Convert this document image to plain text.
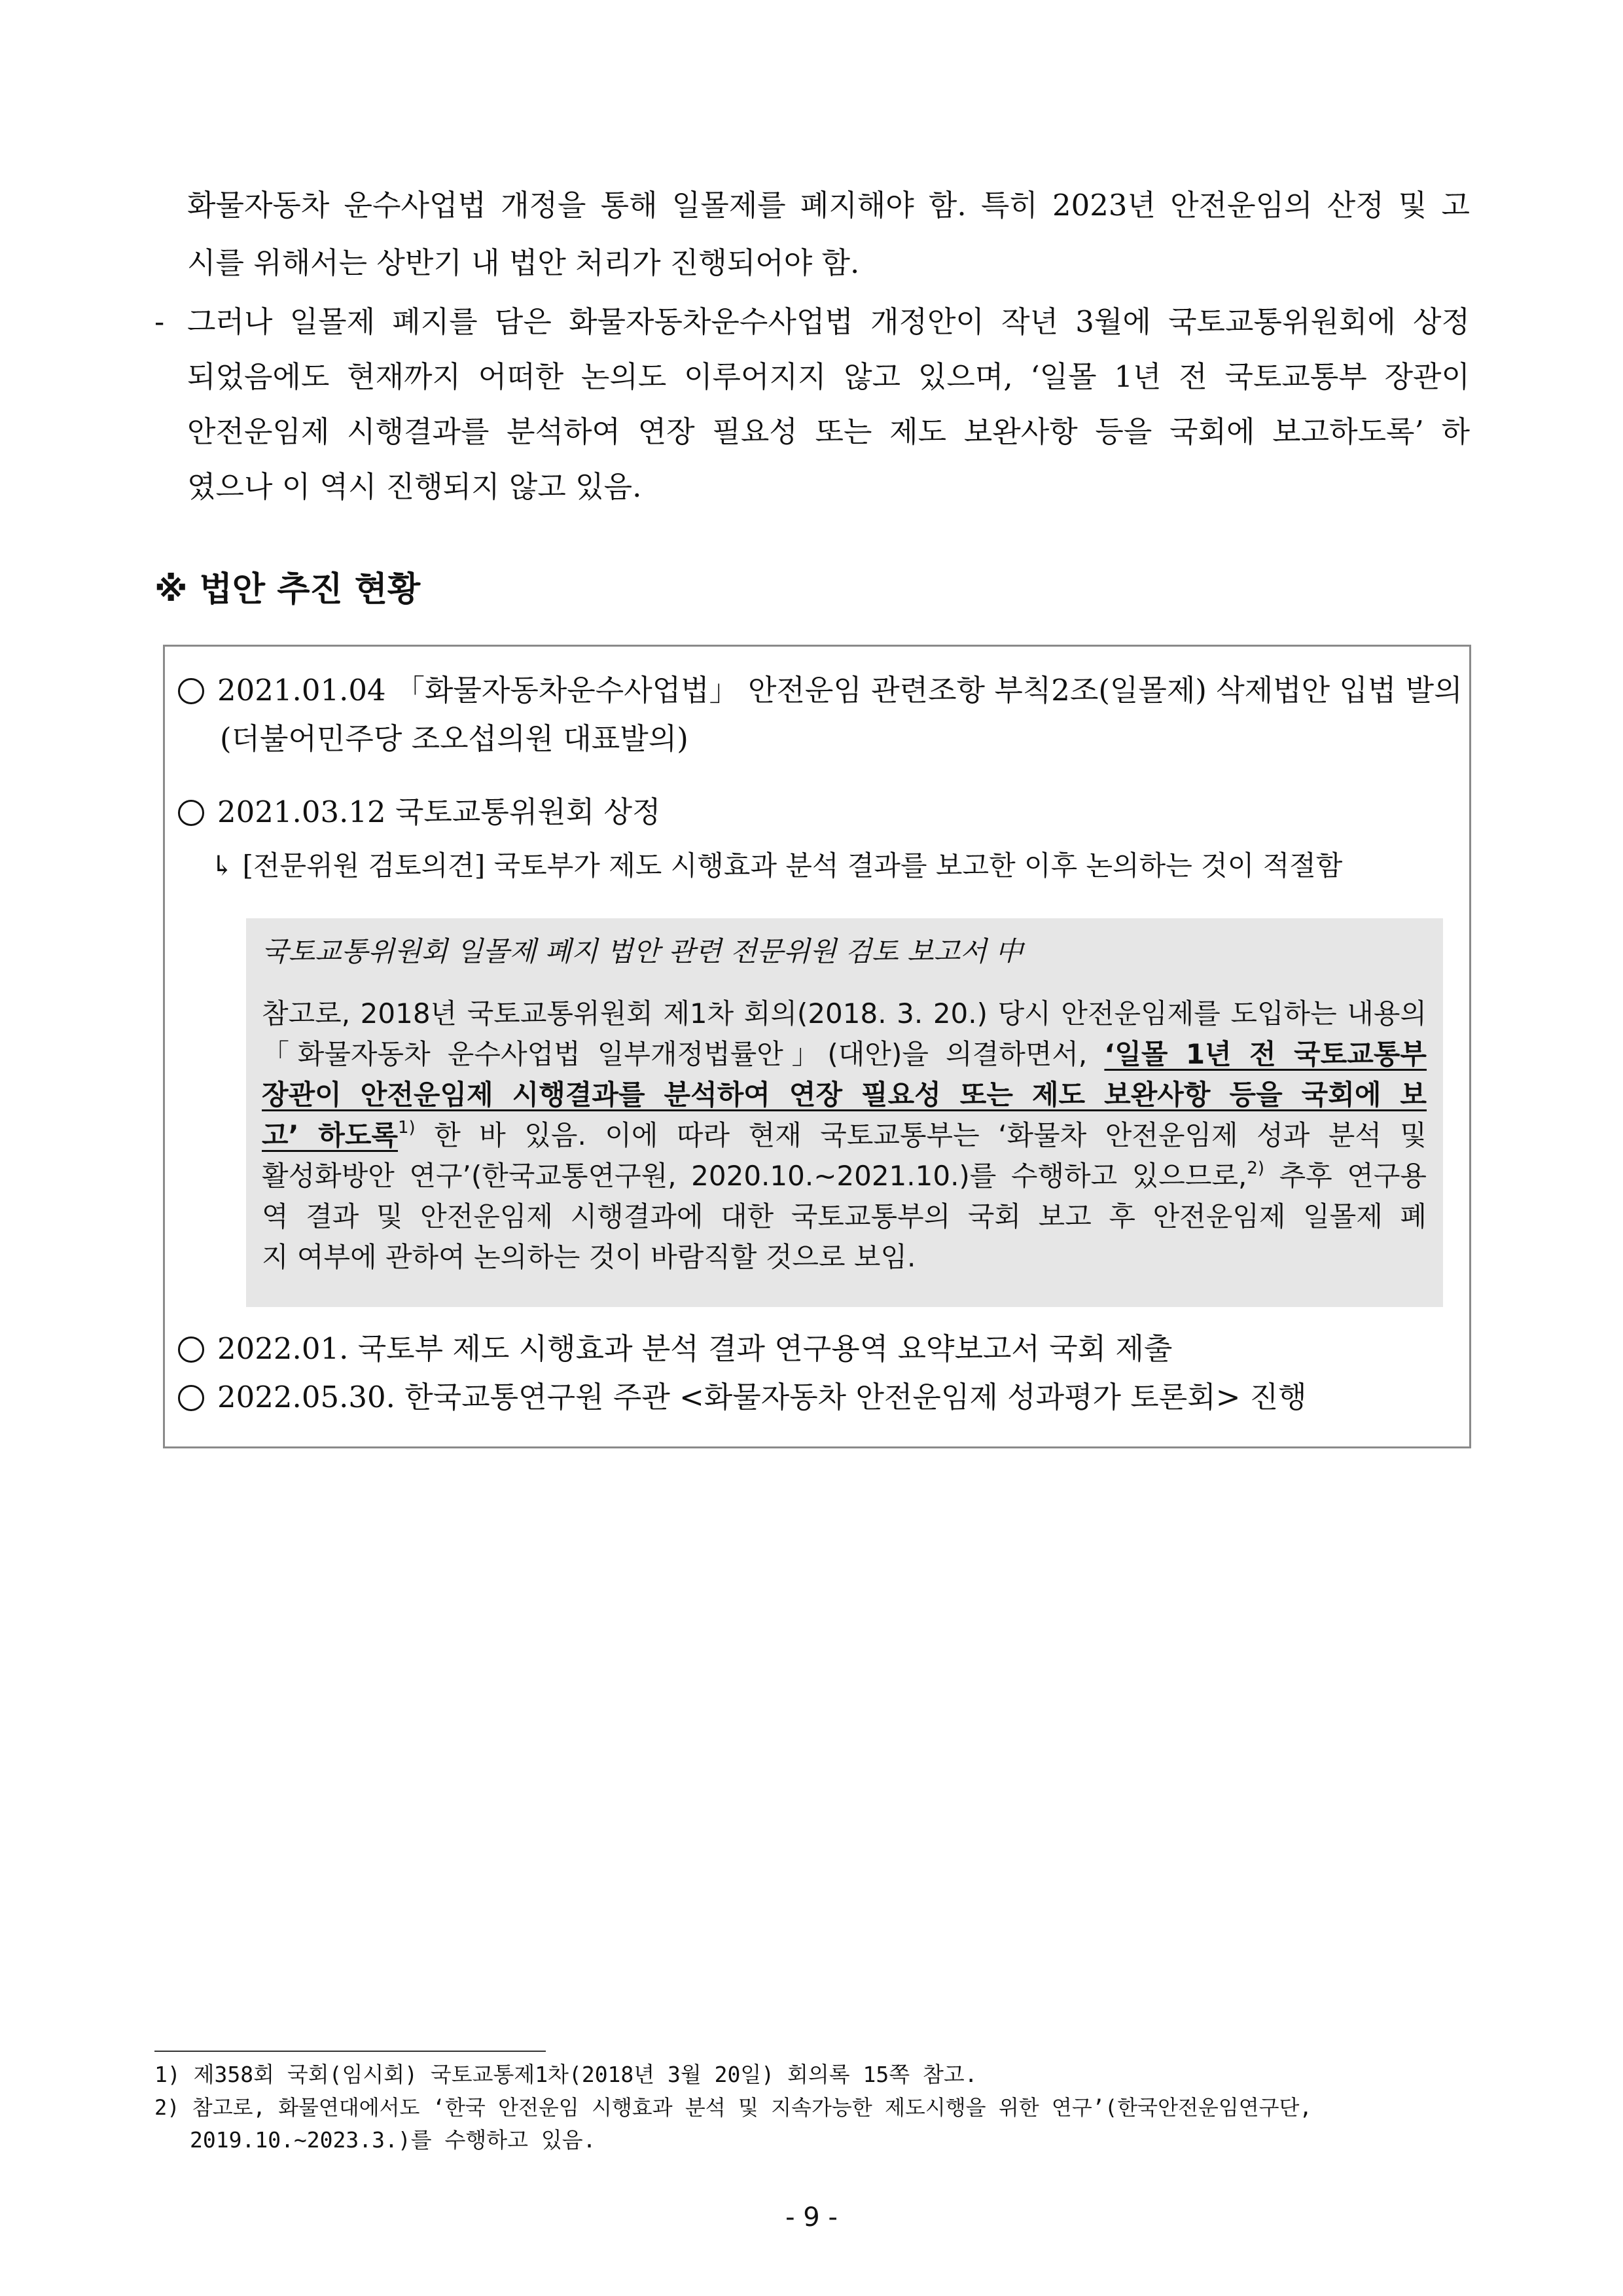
화물자동차 운수사업법 개정을 통해 일몰제를 폐지해야 함. 특히 2023년 안전운임의 산정 및 고
시를 위해서는 상반기 내 법안 처리가 진행되어야 함.
- 그러나 일몰제 폐지를 담은 화물자동차운수사업법 개정안이 작년 3월에 국토교통위원회에 상정
되었음에도 현재까지 어떠한 논의도 이루어지지 않고 있으며, ‘일몰 1년 전 국토교통부 장관이
안전운임제 시행결과를 분석하여 연장 필요성 또는 제도 보완사항 등을 국회에 보고하도록’ 하
였으나 이 역시 진행되지 않고 있음.
※ 법안 추진 현황
2021.01.04 「화물자동차운수사업법」 안전운임 관련조항 부칙2조(일몰제) 삭제법안 입법 발의
(더불어민주당 조오섭의원 대표발의)
2021.03.12 국토교통위원회 상정
↳ [전문위원 검토의견] 국토부가 제도 시행효과 분석 결과를 보고한 이후 논의하는 것이 적절함
국토교통위원회 일몰제 폐지 법안 관련 전문위원 검토 보고서 中
참고로, 2018년 국토교통위원회 제1차 회의(2018. 3. 20.) 당시 안전운임제를 도입하는 내용의
「화물자동차 운수사업법 일부개정법률안」(대안)을 의결하면서, ‘일몰 1년 전 국토교통부
장관이 안전운임제 시행결과를 분석하여 연장 필요성 또는 제도 보완사항 등을 국회에 보
고’ 하도록$^{1)}$ 한 바 있음. 이에 따라 현재 국토교통부는 ‘화물차 안전운임제 성과 분석 및
활성화방안 연구’(한국교통연구원, 2020.10.~2021.10.)를 수행하고 있으므로,$^{2)}$ 추후 연구용
역 결과 및 안전운임제 시행결과에 대한 국토교통부의 국회 보고 후 안전운임제 일몰제 폐
지 여부에 관하여 논의하는 것이 바람직할 것으로 보임.
2022.01. 국토부 제도 시행효과 분석 결과 연구용역 요약보고서 국회 제출
2022.05.30. 한국교통연구원 주관 <화물자동차 안전운임제 성과평가 토론회> 진행
1) 제358회 국회(임시회) 국토교통제1차(2018년 3월 20일) 회의록 15쪽 참고.
2) 참고로, 화물연대에서도 ‘한국 안전운임 시행효과 분석 및 지속가능한 제도시행을 위한 연구’(한국안전운임연구단,
2019.10.~2023.3.)를 수행하고 있음.
- 9 -
